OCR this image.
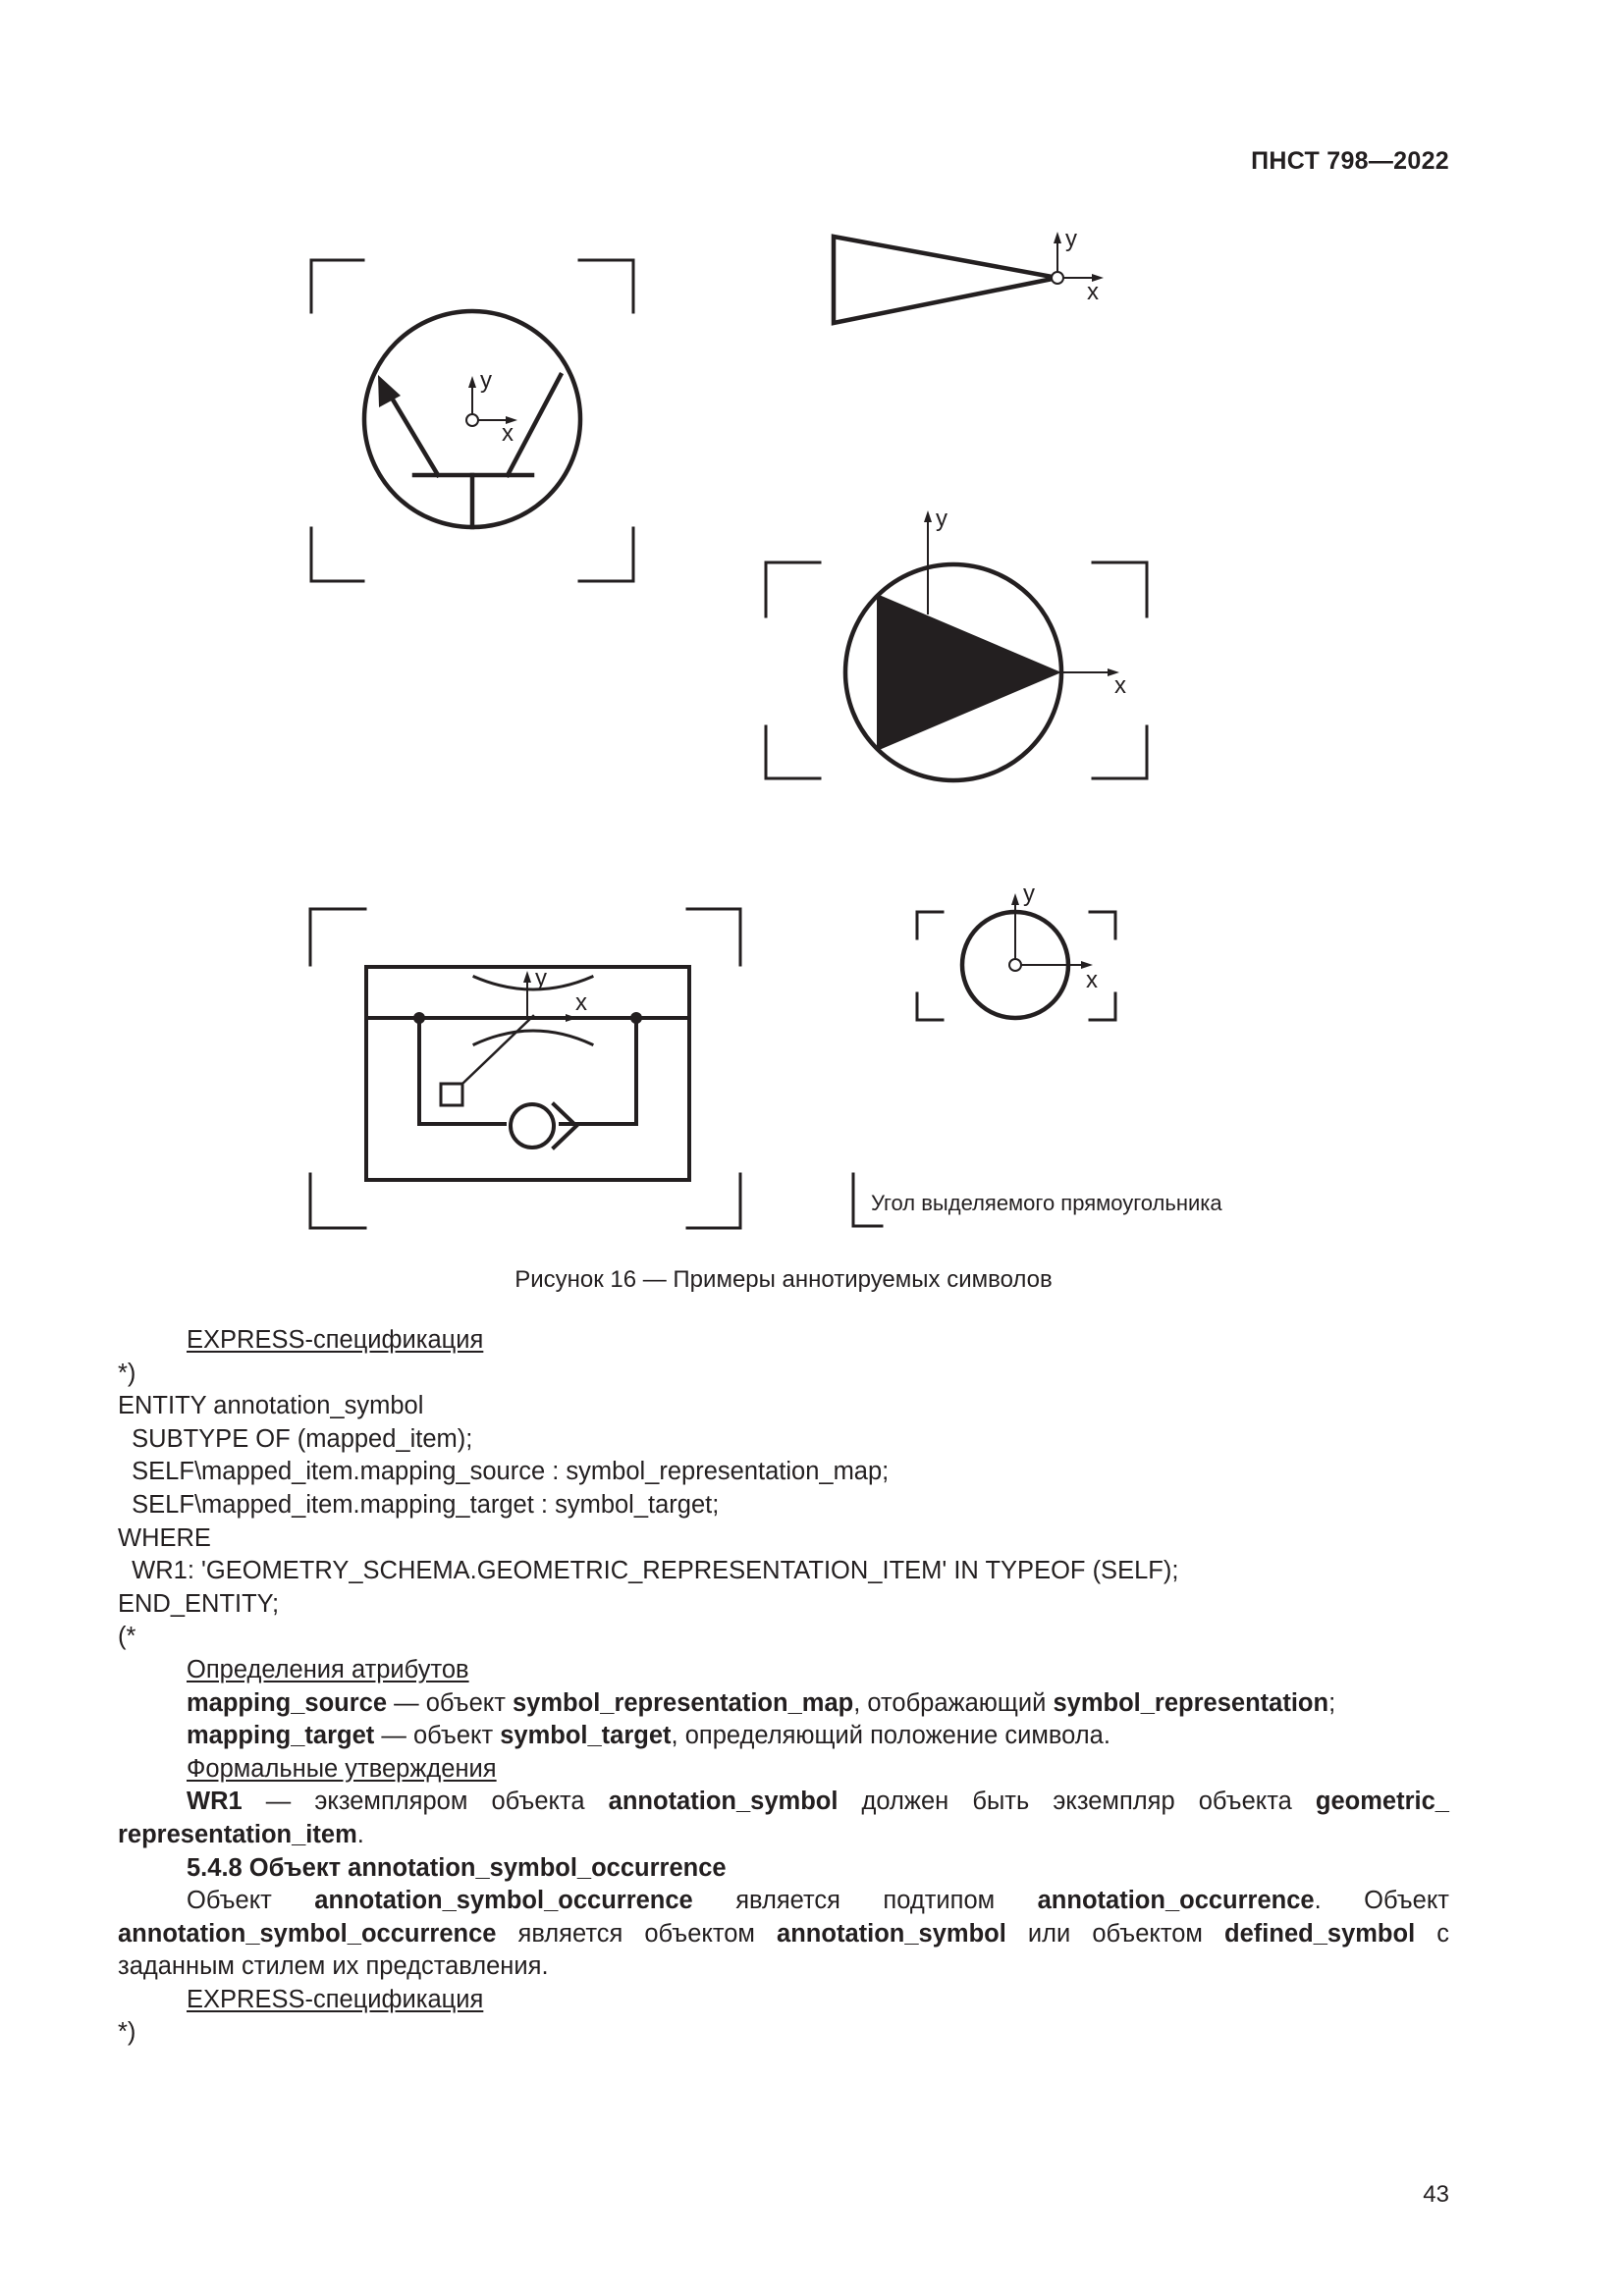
ПНСТ 798—2022
y
x
y
x
y
x
y
x
y
x
Угол выделяемого прямоугольника
Рисунок 16 — Примеры аннотируемых символов

EXPRESS-спецификация

*)

ENTITY annotation_symbol

SUBTYPE OF (mapped_item);

SELF\mapped_item.mapping_source : symbol_representation_map;

SELF\mapped_item.mapping_target : symbol_target;

WHERE

WR1: 'GEOMETRY_SCHEMA.GEOMETRIC_REPRESENTATION_ITEM' IN TYPEOF (SELF);

END_ENTITY;

(*

Определения атрибутов

mapping_source — объект symbol_representation_map, отображающий symbol_representation;

mapping_target — объект symbol_target, определяющий положение символа.

Формальные утверждения

WR1 — экземпляром объекта annotation_symbol должен быть экземпляр объекта geometric_ representation_item.

5.4.8 Объект annotation_symbol_occurrence

Объект annotation_symbol_occurrence является подтипом annotation_occurrence. Объект annotation_symbol_occurrence является объектом annotation_symbol или объектом defined_symbol с заданным стилем их представления.

EXPRESS-спецификация

*)

43
